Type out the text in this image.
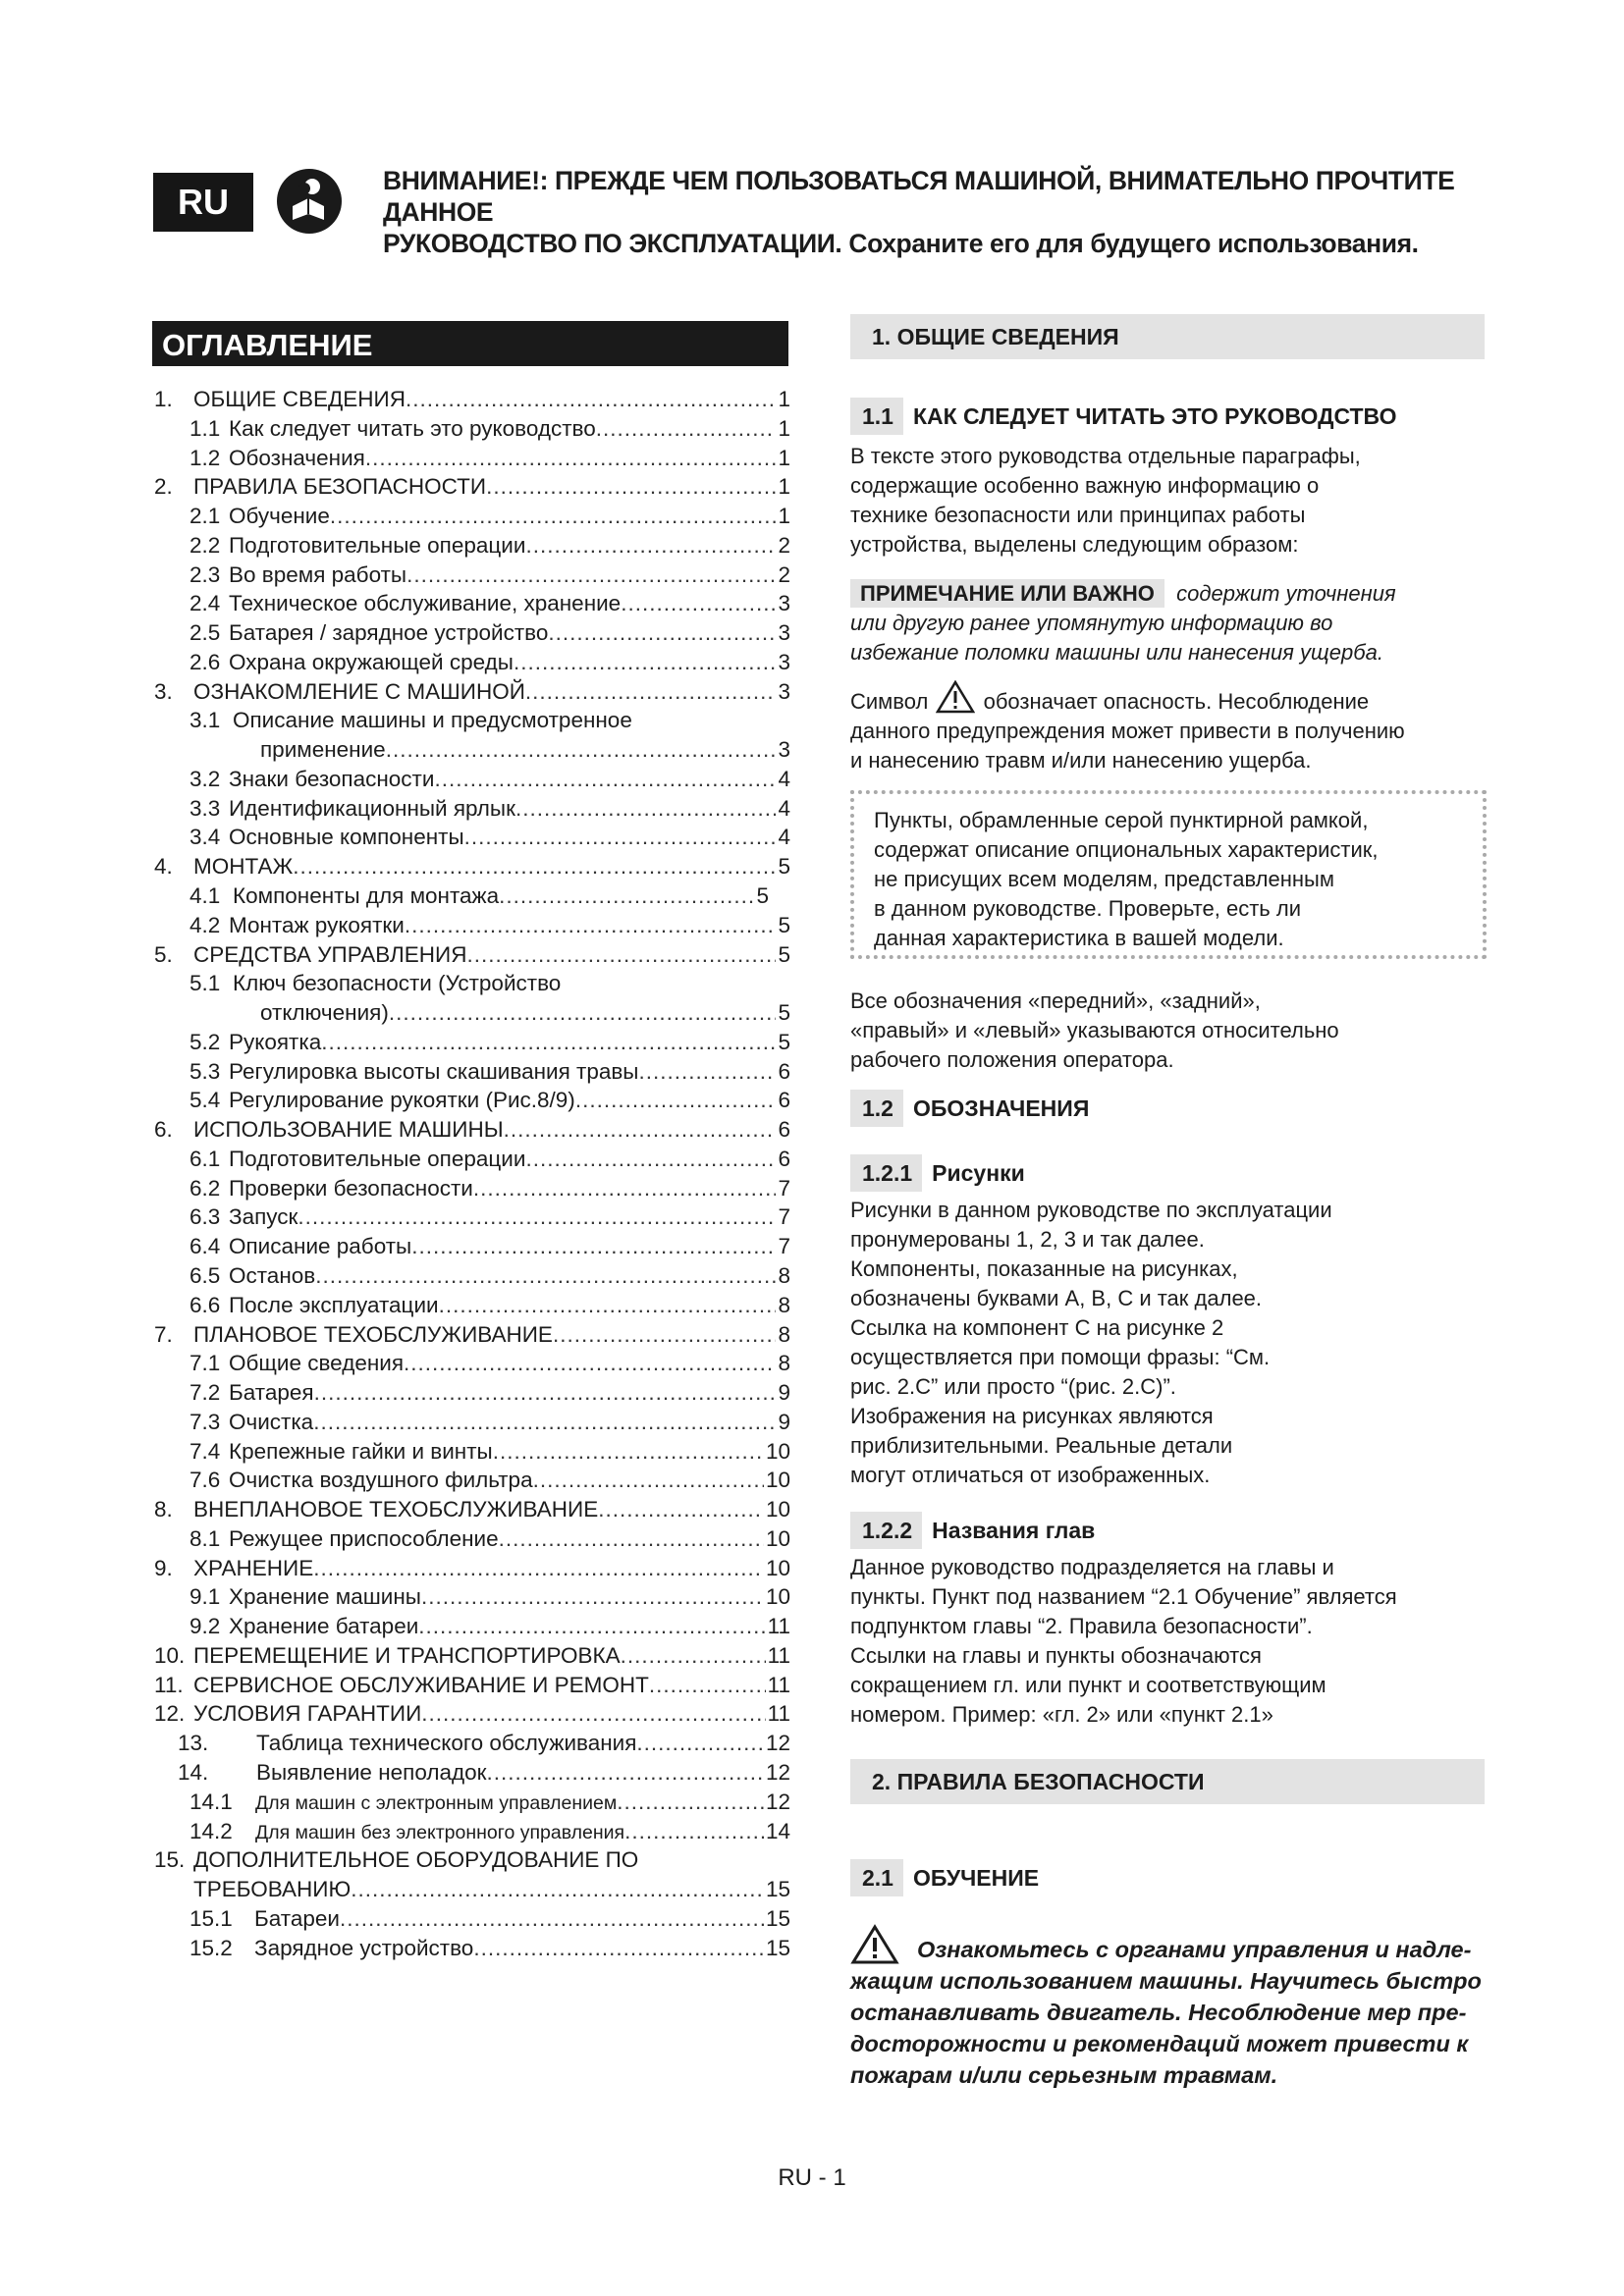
RU
ВНИМАНИЕ!: ПРЕЖДЕ ЧЕМ ПОЛЬЗОВАТЬСЯ МАШИНОЙ, ВНИМАТЕЛЬНО ПРОЧТИТЕ ДАННОЕ
РУКОВОДСТВО ПО ЭКСПЛУАТАЦИИ. Сохраните его для будущего использования.
ОГЛАВЛЕНИЕ
1. ОБЩИЕ СВЕДЕНИЯ .....	1
1.1 Как следует читать это руководство .....	1
1.2 Обозначения .....	1
2. ПРАВИЛА БЕЗОПАСНОСТИ .....	1
2.1 Обучение .....	1
2.2 Подготовительные операции .....	2
2.3 Во время работы .....	2
2.4 Техническое обслуживание, хранение .....	3
2.5 Батарея / зарядное устройство .....	3
2.6 Охрана окружающей среды .....	3
3. ОЗНАКОМЛЕНИЕ С МАШИНОЙ .....	3
3.1 Описание машины и предусмотренное
применение .....	3
3.2 Знаки безопасности .....	4
3.3 Идентификационный ярлык .....	4
3.4 Основные компоненты .....	4
4. МОНТАЖ .....	5
4.1 Компоненты для монтажа .....	5
4.2 Монтаж рукоятки .....	5
5. СРЕДСТВА УПРАВЛЕНИЯ .....	5
5.1 Ключ безопасности (Устройство
отключения) .....	5
5.2 Рукоятка .....	5
5.3 Регулировка высоты скашивания травы .....	6
5.4 Регулирование рукоятки (Рис.8/9) .....	6
6. ИСПОЛЬЗОВАНИЕ МАШИНЫ .....	6
6.1 Подготовительные операции .....	6
6.2 Проверки безопасности .....	7
6.3 Запуск .....	7
6.4 Описание работы .....	7
6.5 Останов .....	8
6.6 После эксплуатации .....	8
7. ПЛАНОВОЕ ТЕХОБСЛУЖИВАНИЕ .....	8
7.1 Общие сведения .....	8
7.2 Батарея .....	9
7.3 Очистка .....	9
7.4 Крепежные гайки и винты .....	10
7.6 Очистка воздушного фильтра .....	10
8. ВНЕПЛАНОВОЕ ТЕХОБСЛУЖИВАНИЕ .....	10
8.1 Режущее приспособление .....	10
9. ХРАНЕНИЕ .....	10
9.1 Хранение машины .....	10
9.2 Хранение батареи .....	11
10. ПЕРЕМЕЩЕНИЕ И ТРАНСПОРТИРОВКА .....	11
11. СЕРВИСНОЕ ОБСЛУЖИВАНИЕ И РЕМОНТ .....	11
12. УСЛОВИЯ ГАРАНТИИ .....	11
13.	Таблица технического обслуживания .....	12
14.	Выявление неполадок .....	12
14.1	Для машин с электронным управлением .....	12
14.2	Для машин без электронного управления .....	14
15. ДОПОЛНИТЕЛЬНОЕ ОБОРУДОВАНИЕ ПО
ТРЕБОВАНИЮ .....	15
15.1 Батареи .....	15
15.2 Зарядное устройство .....	15
1. ОБЩИЕ СВЕДЕНИЯ
1.1 КАК СЛЕДУЕТ ЧИТАТЬ ЭТО РУКОВОДСТВО
В тексте этого руководства отдельные параграфы,
содержащие особенно важную информацию о
технике безопасности или принципах работы
устройства, выделены следующим образом:
ПРИМЕЧАНИЕ ИЛИ ВАЖНО содержит уточнения
или другую ранее упомянутую информацию во
избежание поломки машины или нанесения ущерба.
Символ	обозначает опасность. Несоблюдение
данного предупреждения может привести в получению
и нанесению травм и/или нанесению ущерба.
Пункты, обрамленные серой пунктирной рамкой,
содержат описание опциональных характеристик,
не присущих всем моделям, представленным
в данном руководстве. Проверьте, есть ли
данная характеристика в вашей модели.
Все обозначения «передний», «задний»,
«правый» и «левый» указываются относительно
рабочего положения оператора.
1.2 ОБОЗНАЧЕНИЯ
1.2.1 Рисунки
Рисунки в данном руководстве по эксплуатации
пронумерованы 1, 2, 3 и так далее.
Компоненты, показанные на рисунках,
обозначены буквами A, B, C и так далее.
Ссылка на компонент C на рисунке 2
осуществляется при помощи фразы: “См.
рис. 2.C” или просто “(рис. 2.C)”.
Изображения на рисунках являются
приблизительными. Реальные детали
могут отличаться от изображенных.
1.2.2 Названия глав
Данное руководство подразделяется на главы и
пункты. Пункт под названием “2.1 Обучение” является
подпунктом главы “2. Правила безопасности”.
Ссылки на главы и пункты обозначаются
сокращением гл. или пункт и соответствующим
номером. Пример: «гл. 2» или «пункт 2.1»
2. ПРАВИЛА БЕЗОПАСНОСТИ
2.1 ОБУЧЕНИЕ
Ознакомьтесь с органами управления и надле-
жащим использованием машины. Научитесь быстро
останавливать двигатель. Несоблюдение мер пре-
досторожности и рекомендаций может привести к
пожарам и/или серьезным травмам.
RU - 1
